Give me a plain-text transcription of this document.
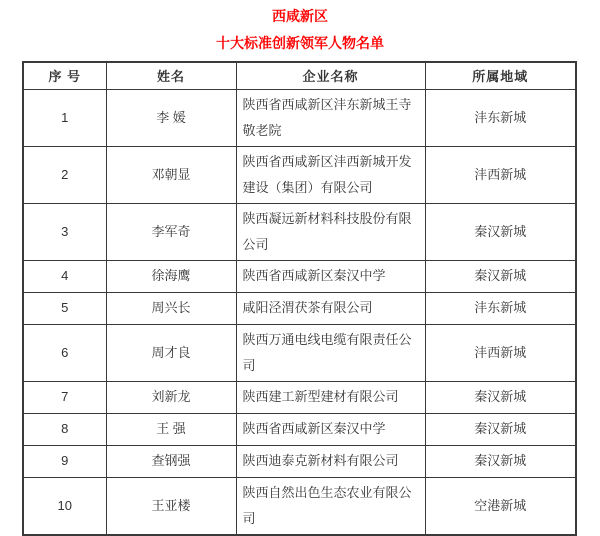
西咸新区

十大标准创新领军人物名单

序 号	姓名	企业名称	所属地域
1	李 媛	陕西省西咸新区沣东新城王寺敬老院	沣东新城
2	邓朝显	陕西省西咸新区沣西新城开发建设（集团）有限公司	沣西新城
3	李军奇	陕西凝远新材料科技股份有限公司	秦汉新城
4	徐海鹰	陕西省西咸新区秦汉中学	秦汉新城
5	周兴长	咸阳泾渭茯茶有限公司	沣东新城
6	周才良	陕西万通电线电缆有限责任公司	沣西新城
7	刘新龙	陕西建工新型建材有限公司	秦汉新城
8	王 强	陕西省西咸新区秦汉中学	秦汉新城
9	查钢强	陕西迪泰克新材料有限公司	秦汉新城
10	王亚楼	陕西自然出色生态农业有限公司	空港新城
